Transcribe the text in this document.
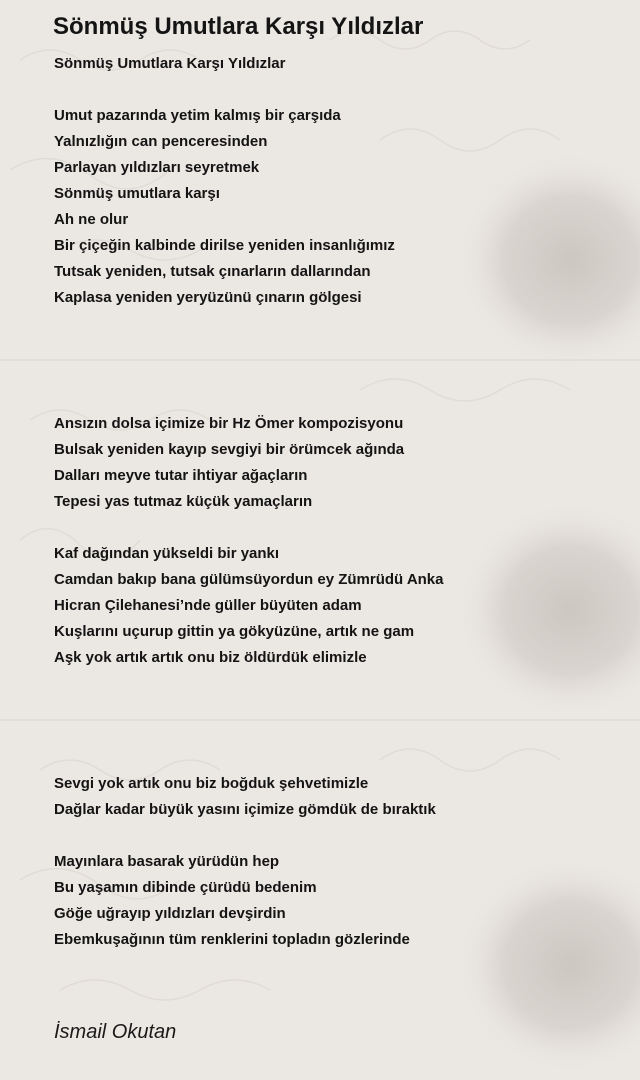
Sönmüş Umutlara Karşı Yıldızlar

Sönmüş Umutlara Karşı Yıldızlar

Umut pazarında yetim kalmış bir çarşıda

Yalnızlığın can penceresinden

Parlayan yıldızları seyretmek

Sönmüş umutlara karşı

Ah ne olur

Bir çiçeğin kalbinde dirilse yeniden insanlığımız

Tutsak yeniden, tutsak çınarların dallarından

Kaplasa yeniden yeryüzünü çınarın gölgesi

Ansızın dolsa içimize bir Hz Ömer kompozisyonu

Bulsak yeniden kayıp sevgiyi bir örümcek ağında

Dalları meyve tutar ihtiyar ağaçların

Tepesi yas tutmaz küçük yamaçların

Kaf dağından yükseldi bir yankı

Camdan bakıp bana gülümsüyordun ey Zümrüdü Anka

Hicran Çilehanesi’nde güller büyüten adam

Kuşlarını uçurup gittin ya gökyüzüne, artık ne gam

Aşk yok artık artık onu biz öldürdük elimizle

Sevgi yok artık onu biz boğduk şehvetimizle

Dağlar kadar büyük yasını içimize gömdük de bıraktık

Mayınlara basarak yürüdün hep

Bu yaşamın dibinde çürüdü bedenim

Göğe uğrayıp yıldızları devşirdin

Ebemkuşağının tüm renklerini topladın gözlerinde

İsmail Okutan
